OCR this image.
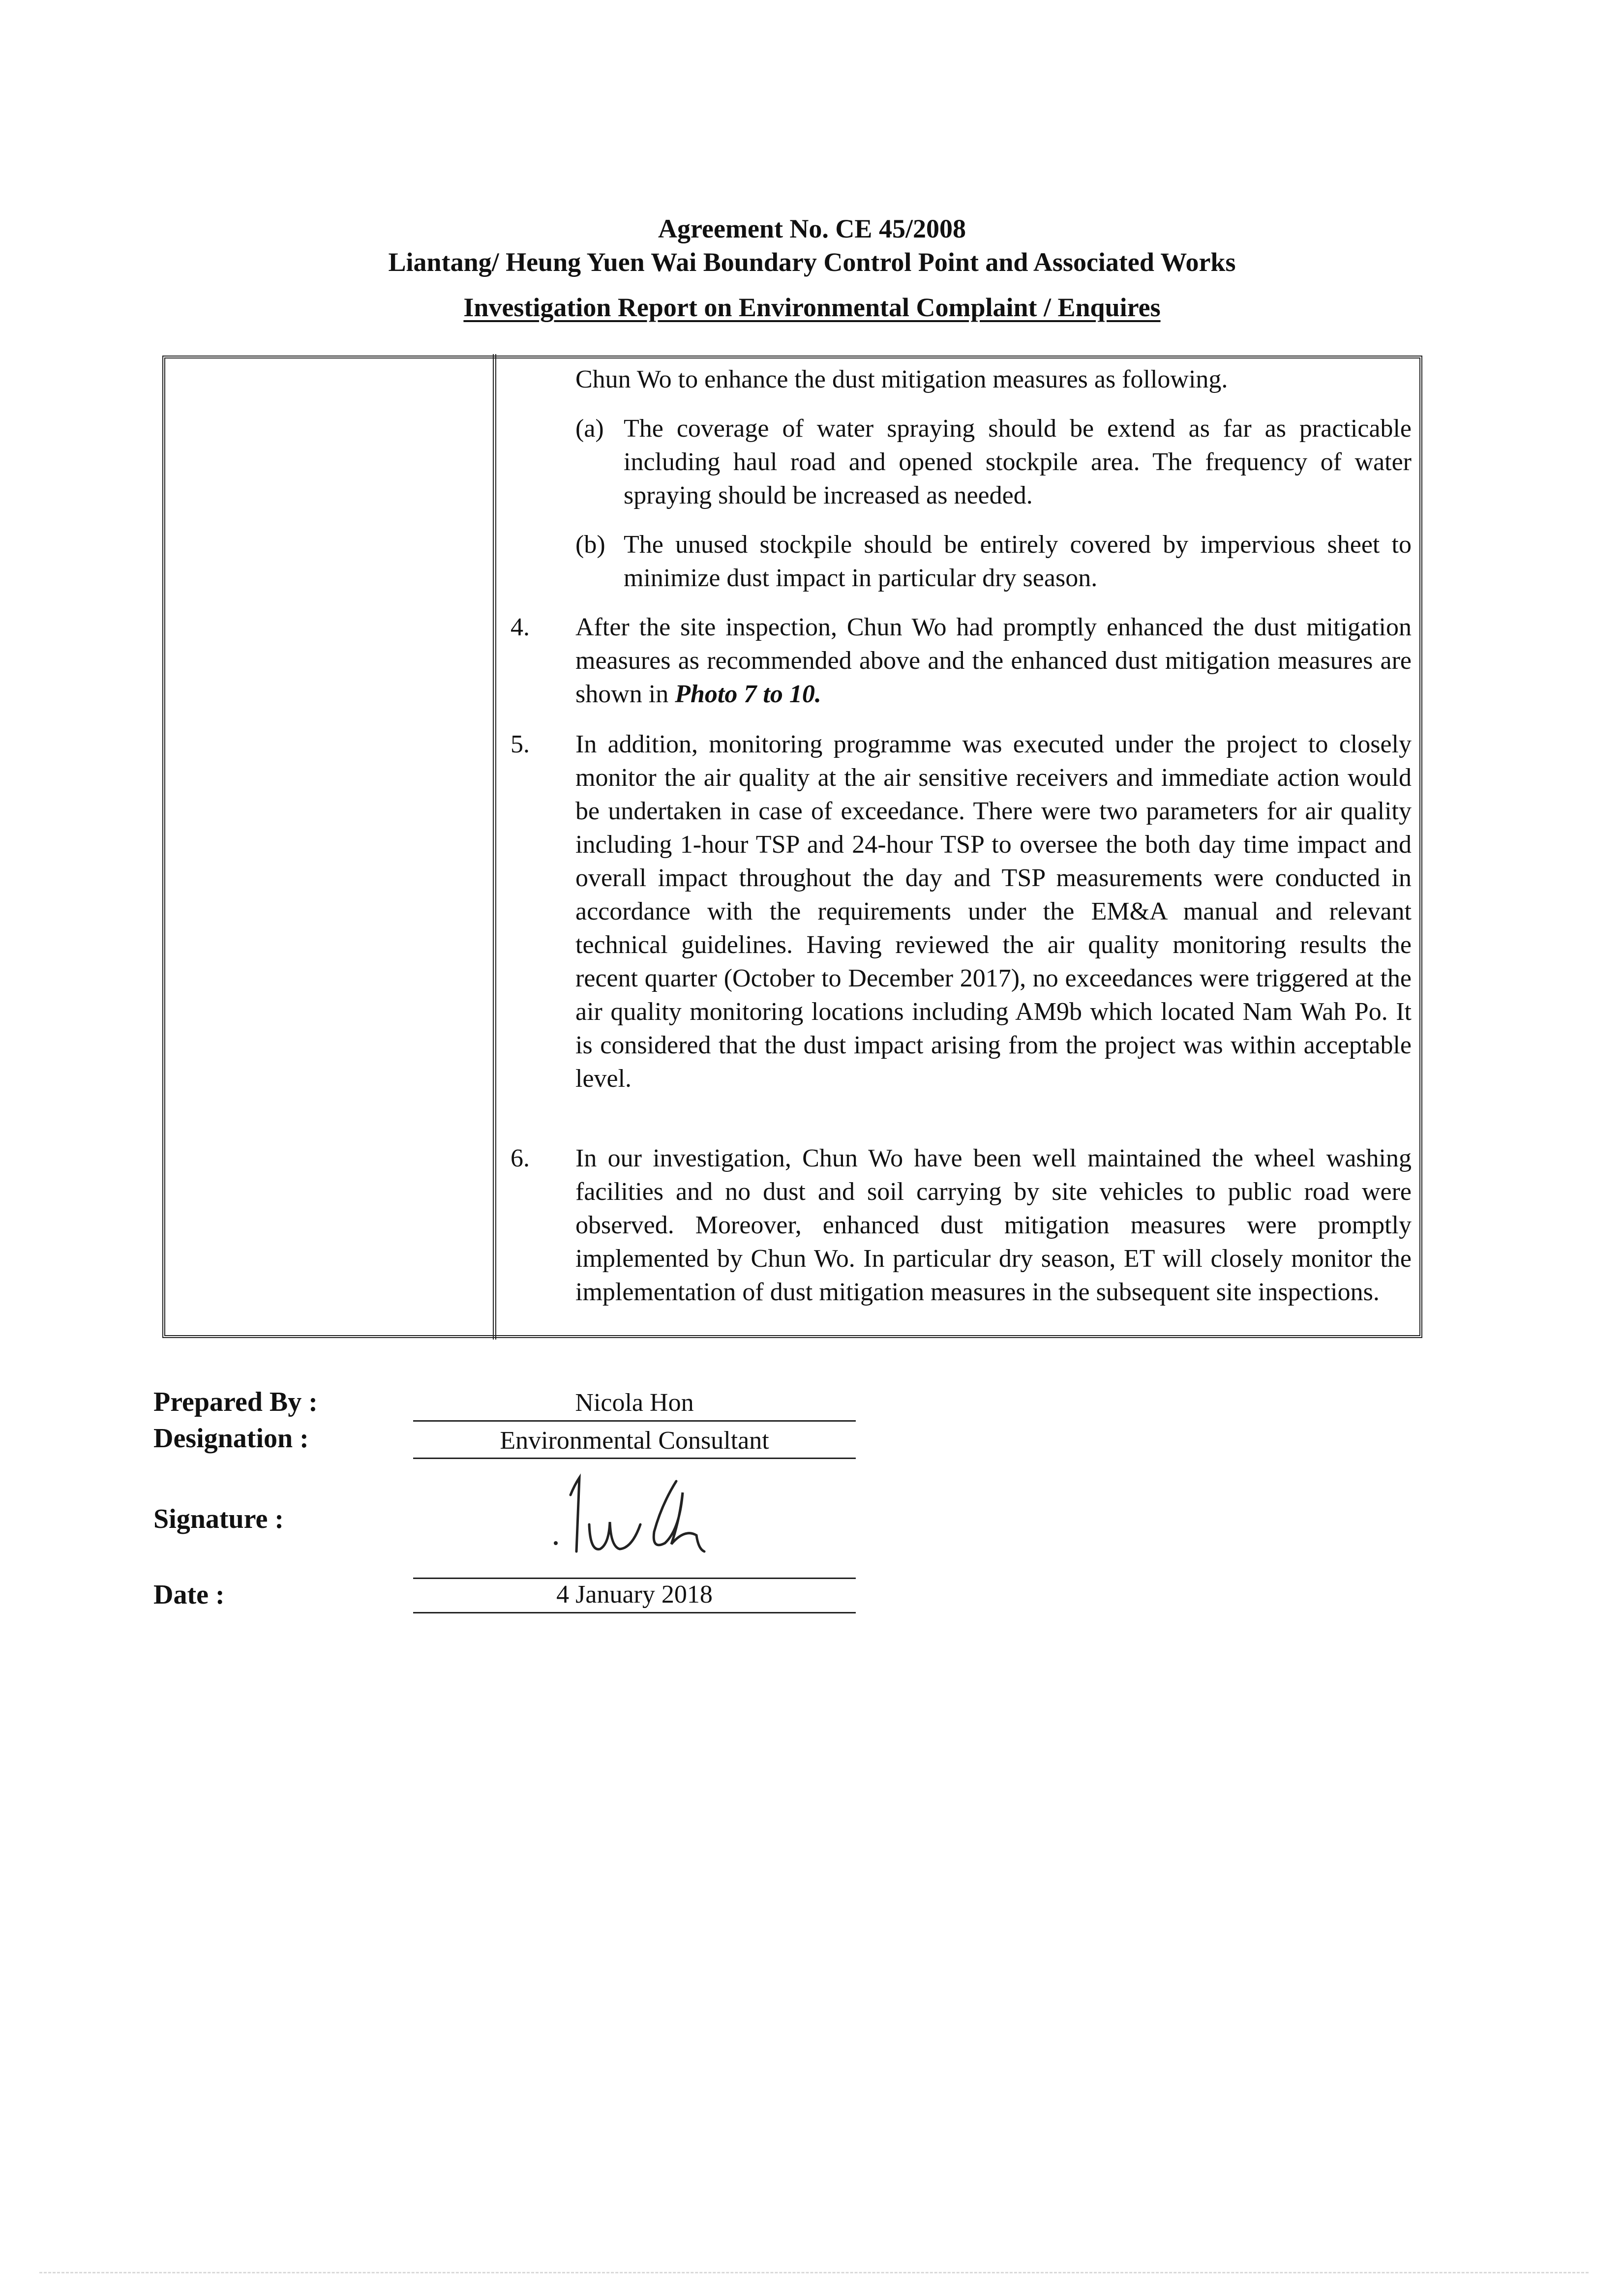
Agreement No. CE 45/2008
Liantang/ Heung Yuen Wai Boundary Control Point and Associated Works
Investigation Report on Environmental Complaint / Enquires
Chun Wo to enhance the dust mitigation measures as following.
(a) The coverage of water spraying should be extend as far as practicable including haul road and opened stockpile area. The frequency of water spraying should be increased as needed.
(b) The unused stockpile should be entirely covered by impervious sheet to minimize dust impact in particular dry season.
4. After the site inspection, Chun Wo had promptly enhanced the dust mitigation measures as recommended above and the enhanced dust mitigation measures are shown in Photo 7 to 10.
5. In addition, monitoring programme was executed under the project to closely monitor the air quality at the air sensitive receivers and immediate action would be undertaken in case of exceedance. There were two parameters for air quality including 1-hour TSP and 24-hour TSP to oversee the both day time impact and overall impact throughout the day and TSP measurements were conducted in accordance with the requirements under the EM&A manual and relevant technical guidelines. Having reviewed the air quality monitoring results the recent quarter (October to December 2017), no exceedances were triggered at the air quality monitoring locations including AM9b which located Nam Wah Po. It is considered that the dust impact arising from the project was within acceptable level.
6. In our investigation, Chun Wo have been well maintained the wheel washing facilities and no dust and soil carrying by site vehicles to public road were observed. Moreover, enhanced dust mitigation measures were promptly implemented by Chun Wo. In particular dry season, ET will closely monitor the implementation of dust mitigation measures in the subsequent site inspections.
Prepared By :	Nicola Hon
Designation :	Environmental Consultant
Signature :
Date :	4 January 2018
